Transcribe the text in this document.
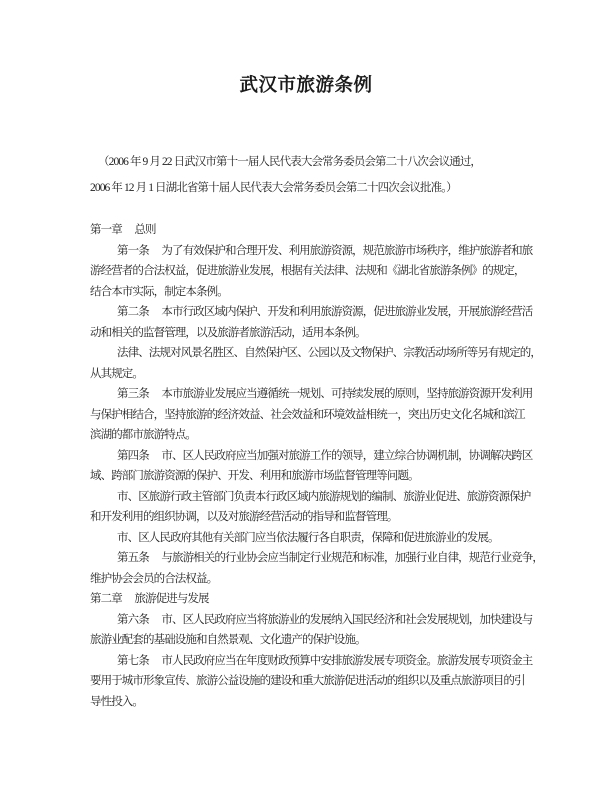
武汉市旅游条例
（2006 年 9 月 22 日武汉市第十一届人民代表大会常务委员会第二十八次会议通过，
2006 年 12 月 1 日湖北省第十届人民代表大会常务委员会第二十四次会议批准。）
第一章　 总则
第一条　 为了有效保护和合理开发、利用旅游资源，规范旅游市场秩序，维护旅游者和旅
游经营者的合法权益，促进旅游业发展，根据有关法律、法规和《湖北省旅游条例》的规定，
结合本市实际，制定本条例。
第二条　 本市行政区域内保护、开发和利用旅游资源，促进旅游业发展，开展旅游经营活
动和相关的监督管理，以及旅游者旅游活动，适用本条例。
法律、法规对风景名胜区、自然保护区、公园以及文物保护、宗教活动场所等另有规定的，
从其规定。
第三条　 本市旅游业发展应当遵循统一规划、可持续发展的原则，坚持旅游资源开发利用
与保护相结合，坚持旅游的经济效益、社会效益和环境效益相统一，突出历史文化名城和滨江
滨湖的都市旅游特点。
第四条　 市、区人民政府应当加强对旅游工作的领导，建立综合协调机制，协调解决跨区
域、跨部门旅游资源的保护、开发、利用和旅游市场监督管理等问题。
市、区旅游行政主管部门负责本行政区域内旅游规划的编制、旅游业促进、旅游资源保护
和开发利用的组织协调，以及对旅游经营活动的指导和监督管理。
市、区人民政府其他有关部门应当依法履行各自职责，保障和促进旅游业的发展。
第五条　 与旅游相关的行业协会应当制定行业规范和标准，加强行业自律，规范行业竞争，
维护协会会员的合法权益。
第二章　 旅游促进与发展
第六条　 市、区人民政府应当将旅游业的发展纳入国民经济和社会发展规划，加快建设与
旅游业配套的基础设施和自然景观、文化遗产的保护设施。
第七条　 市人民政府应当在年度财政预算中安排旅游发展专项资金。旅游发展专项资金主
要用于城市形象宣传、旅游公益设施的建设和重大旅游促进活动的组织以及重点旅游项目的引
导性投入。
